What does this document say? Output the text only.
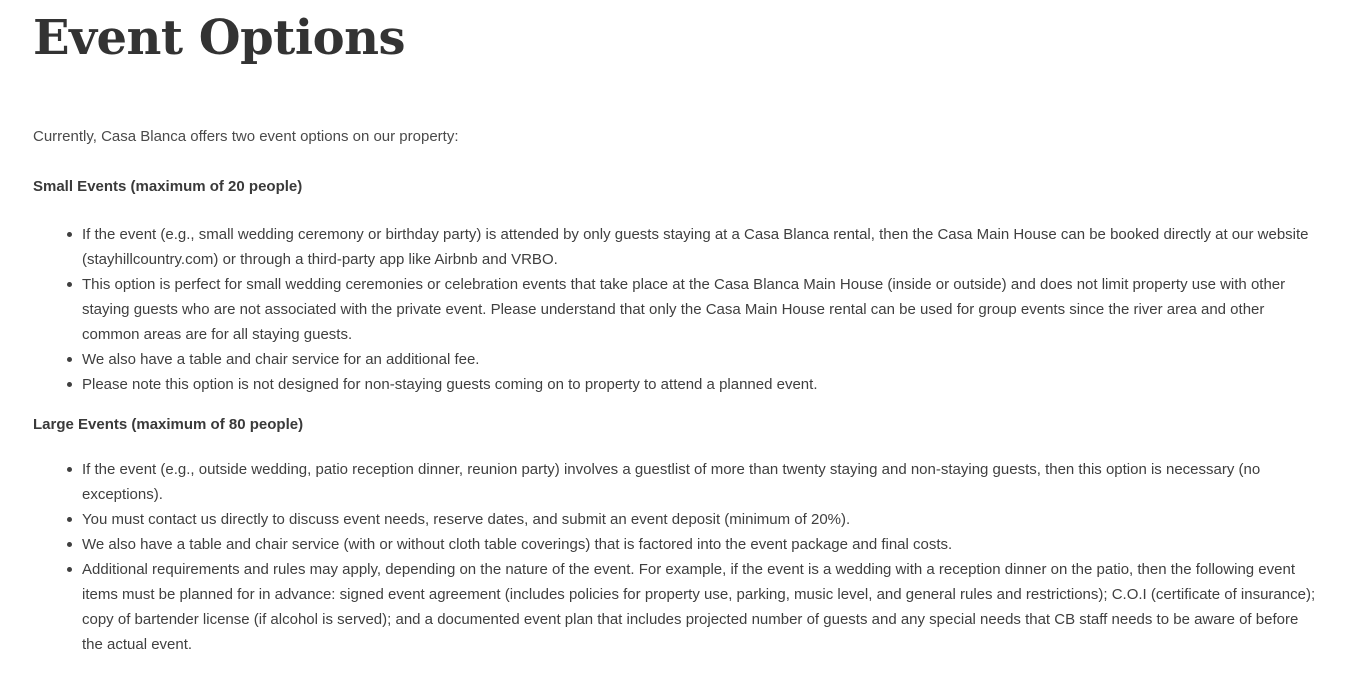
Event Options

Currently, Casa Blanca offers two event options on our property:

Small Events (maximum of 20 people)

If the event (e.g., small wedding ceremony or birthday party) is attended by only guests staying at a Casa Blanca rental, then the Casa Main House can be booked directly at our website (stayhillcountry.com) or through a third-party app like Airbnb and VRBO.
This option is perfect for small wedding ceremonies or celebration events that take place at the Casa Blanca Main House (inside or outside) and does not limit property use with other staying guests who are not associated with the private event. Please understand that only the Casa Main House rental can be used for group events since the river area and other common areas are for all staying guests.
We also have a table and chair service for an additional fee.
Please note this option is not designed for non-staying guests coming on to property to attend a planned event.

Large Events (maximum of 80 people)

If the event (e.g., outside wedding, patio reception dinner, reunion party) involves a guestlist of more than twenty staying and non-staying guests, then this option is necessary (no exceptions).
You must contact us directly to discuss event needs, reserve dates, and submit an event deposit (minimum of 20%).
We also have a table and chair service (with or without cloth table coverings) that is factored into the event package and final costs.
Additional requirements and rules may apply, depending on the nature of the event. For example, if the event is a wedding with a reception dinner on the patio, then the following event items must be planned for in advance: signed event agreement (includes policies for property use, parking, music level, and general rules and restrictions); C.O.I (certificate of insurance); copy of bartender license (if alcohol is served); and a documented event plan that includes projected number of guests and any special needs that CB staff needs to be aware of before the actual event.
